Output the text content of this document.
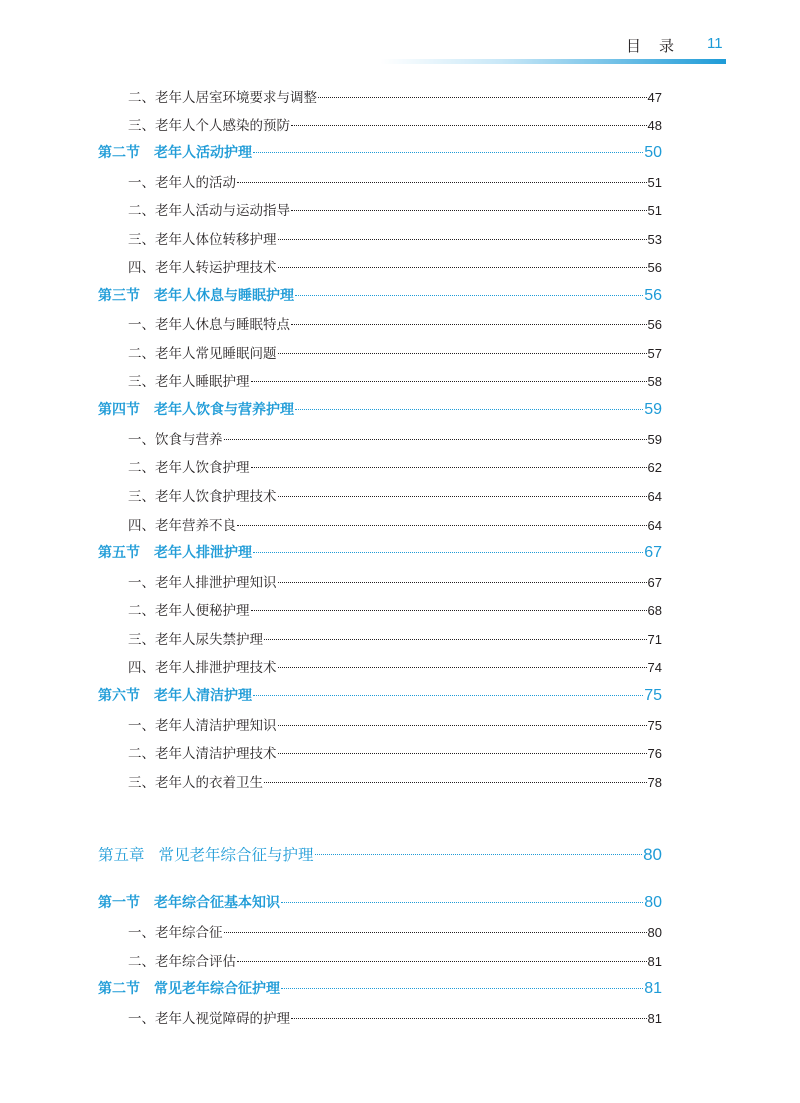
目录 11
二、老年人居室环境要求与调整	47
三、老年人个人感染的预防	48
第二节 老年人活动护理	50
一、老年人的活动	51
二、老年人活动与运动指导	51
三、老年人体位转移护理	53
四、老年人转运护理技术	56
第三节 老年人休息与睡眠护理	56
一、老年人休息与睡眠特点	56
二、老年人常见睡眠问题	57
三、老年人睡眠护理	58
第四节 老年人饮食与营养护理	59
一、饮食与营养	59
二、老年人饮食护理	62
三、老年人饮食护理技术	64
四、老年营养不良	64
第五节 老年人排泄护理	67
一、老年人排泄护理知识	67
二、老年人便秘护理	68
三、老年人尿失禁护理	71
四、老年人排泄护理技术	74
第六节 老年人清洁护理	75
一、老年人清洁护理知识	75
二、老年人清洁护理技术	76
三、老年人的衣着卫生	78
第五章 常见老年综合征与护理	80
第一节 老年综合征基本知识	80
一、老年综合征	80
二、老年综合评估	81
第二节 常见老年综合征护理	81
一、老年人视觉障碍的护理	81
